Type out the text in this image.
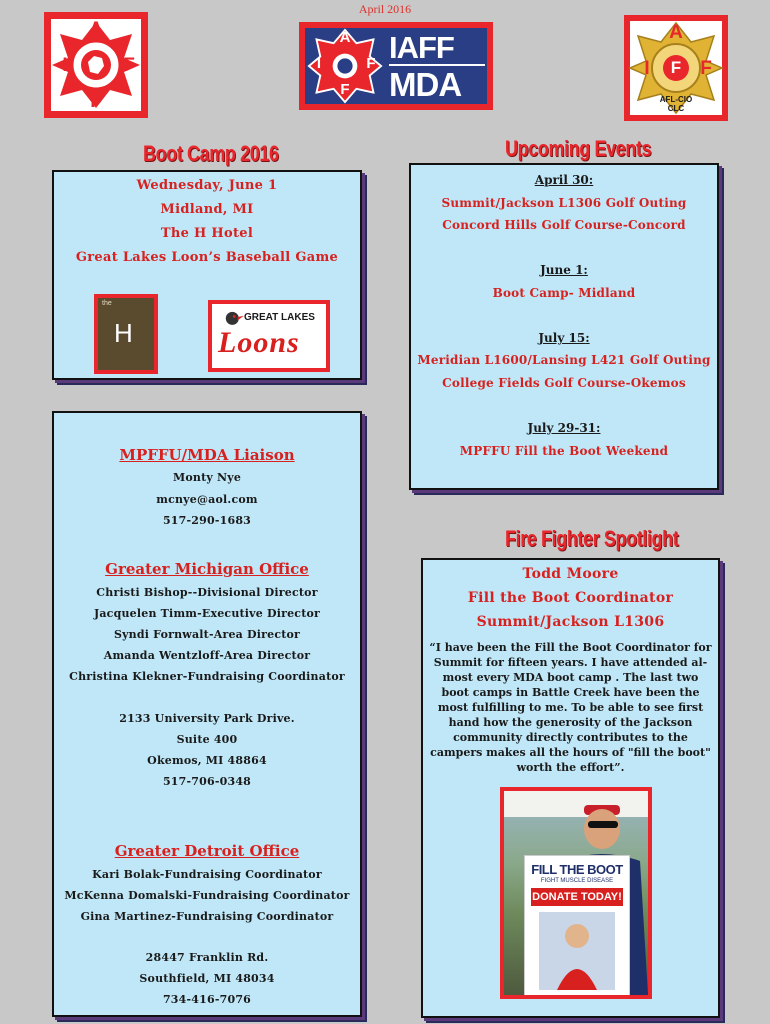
April 2016
A
I	F
F
A
I	F
F
IAFF
MDA
A
I	F
F
AFL-CIO CLC
Boot Camp 2016
Wednesday, June 1
Midland, MI
The H Hotel
Great Lakes Loon’s Baseball Game
the
H
GREAT LAKES
Loons
Upcoming Events
April 30:
Summit/Jackson L1306 Golf Outing
Concord Hills Golf Course-Concord
June 1:
Boot Camp- Midland
July 15:
Meridian L1600/Lansing L421 Golf Outing
College Fields Golf Course-Okemos
July 29-31:
MPFFU Fill the Boot Weekend
MPFFU/MDA Liaison
Monty Nye
mcnye@aol.com
517-290-1683
Greater Michigan Office
Christi Bishop--Divisional Director
Jacquelen Timm-Executive Director
Syndi Fornwalt-Area Director
Amanda Wentzloff-Area Director
Christina Klekner-Fundraising Coordinator
2133 University Park Drive.
Suite 400
Okemos, MI 48864
517-706-0348
Greater Detroit Office
Kari Bolak-Fundraising Coordinator
McKenna Domalski-Fundraising Coordinator
Gina Martinez-Fundraising Coordinator
28447 Franklin Rd.
Southfield, MI 48034
734-416-7076
Fire Fighter Spotlight
Todd Moore
Fill the Boot Coordinator
Summit/Jackson L1306
“I have been the Fill the Boot Coordinator for
Summit for fifteen years. I have attended al-
most every MDA boot camp . The last two
boot camps in Battle Creek have been the
most fulfilling to me. To be able to see first
hand how the generosity of the Jackson
community directly contributes to the
campers makes all the hours of "fill the boot"
worth the effort”.
FILL THE BOOT
FIGHT MUSCLE DISEASE
DONATE TODAY!
